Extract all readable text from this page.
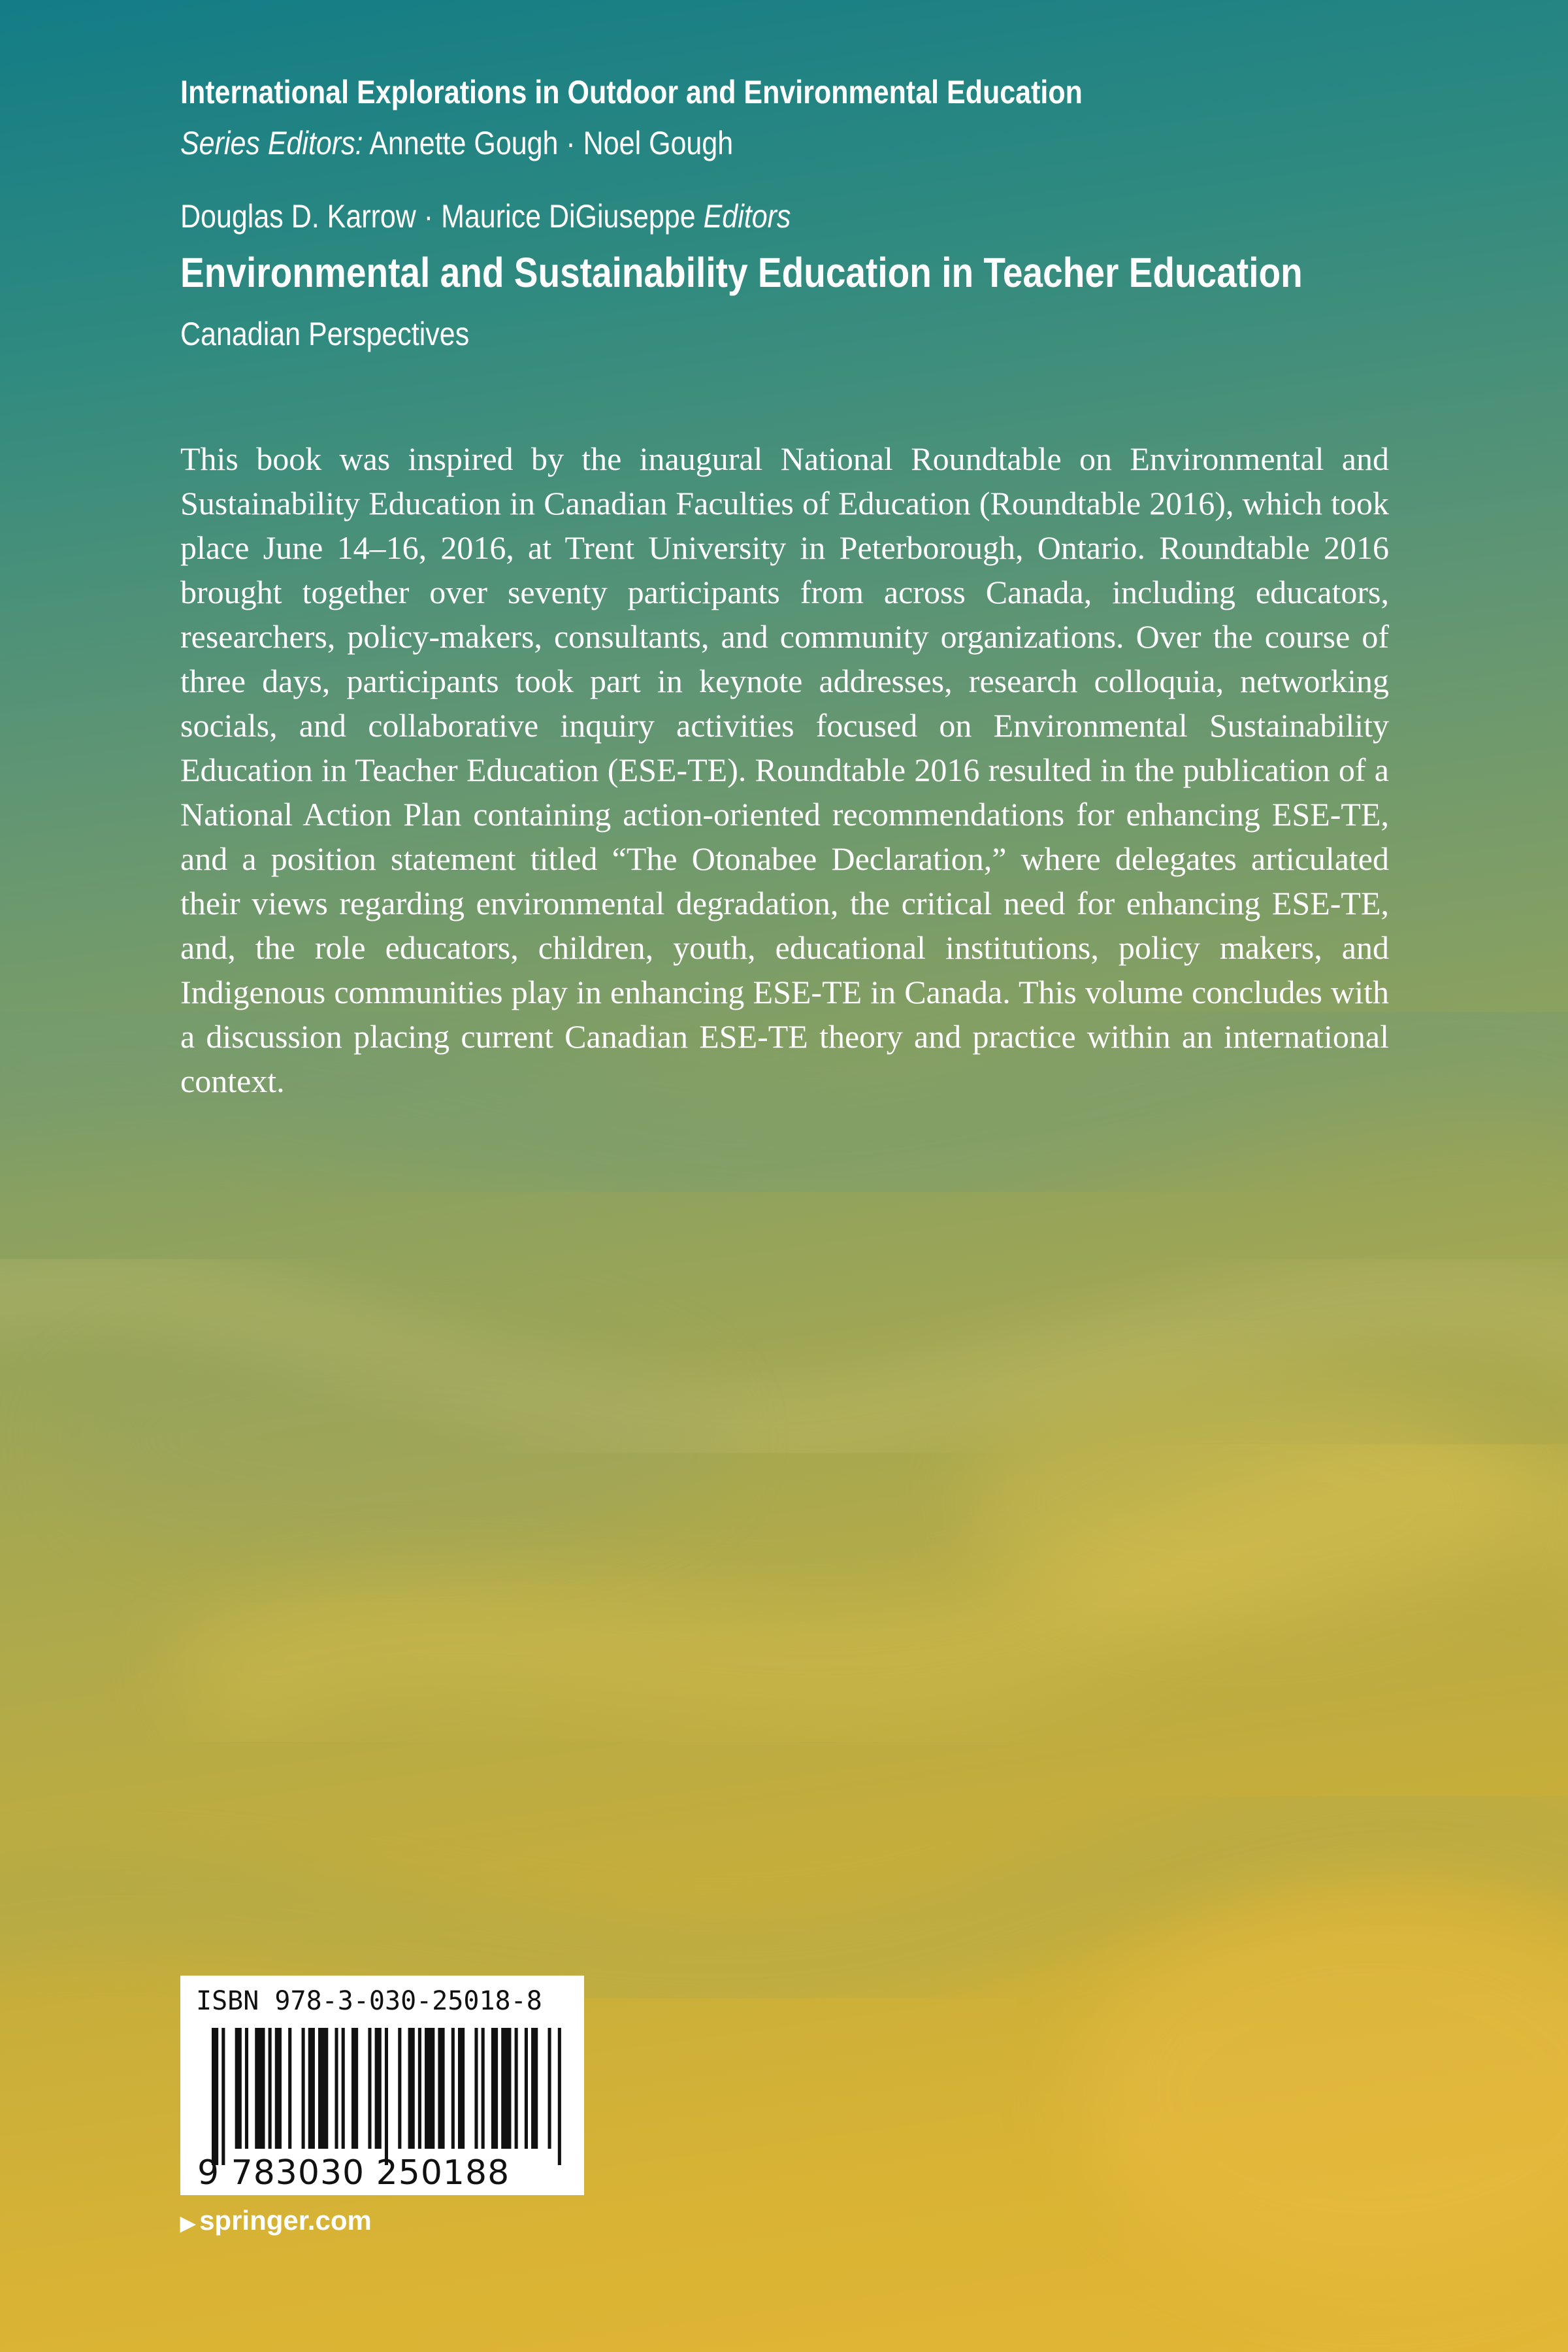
International Explorations in Outdoor and Environmental Education
Series Editors: Annette Gough · Noel Gough
Douglas D. Karrow · Maurice DiGiuseppe Editors
Environmental and Sustainability Education in Teacher Education
Canadian Perspectives

This book was inspired by the inaugural National Roundtable on Environmental and Sustainability Education in Canadian Faculties of Education (Roundtable 2016), which took place June 14–16, 2016, at Trent University in Peterborough, Ontario. Roundtable 2016 brought together over seventy participants from across Canada, including educators, researchers, policy-makers, consultants, and community organizations. Over the course of three days, participants took part in keynote addresses, research colloquia, networking socials, and collaborative inquiry activities focused on Environmental Sustainability Education in Teacher Education (ESE-TE). Roundtable 2016 resulted in the publication of a National Action Plan containing action-oriented recommendations for enhancing ESE-TE, and a position statement titled “The Otonabee Declaration,” where delegates articulated their views regarding environmental degradation, the critical need for enhancing ESE-TE, and, the role educators, children, youth, educational institutions, policy makers, and Indigenous communities play in enhancing ESE-TE in Canada. This volume concludes with a discussion placing current Canadian ESE-TE theory and practice within an international context.

ISBN 978-3-030-25018-8
9 783030 250188
▶ springer.com
